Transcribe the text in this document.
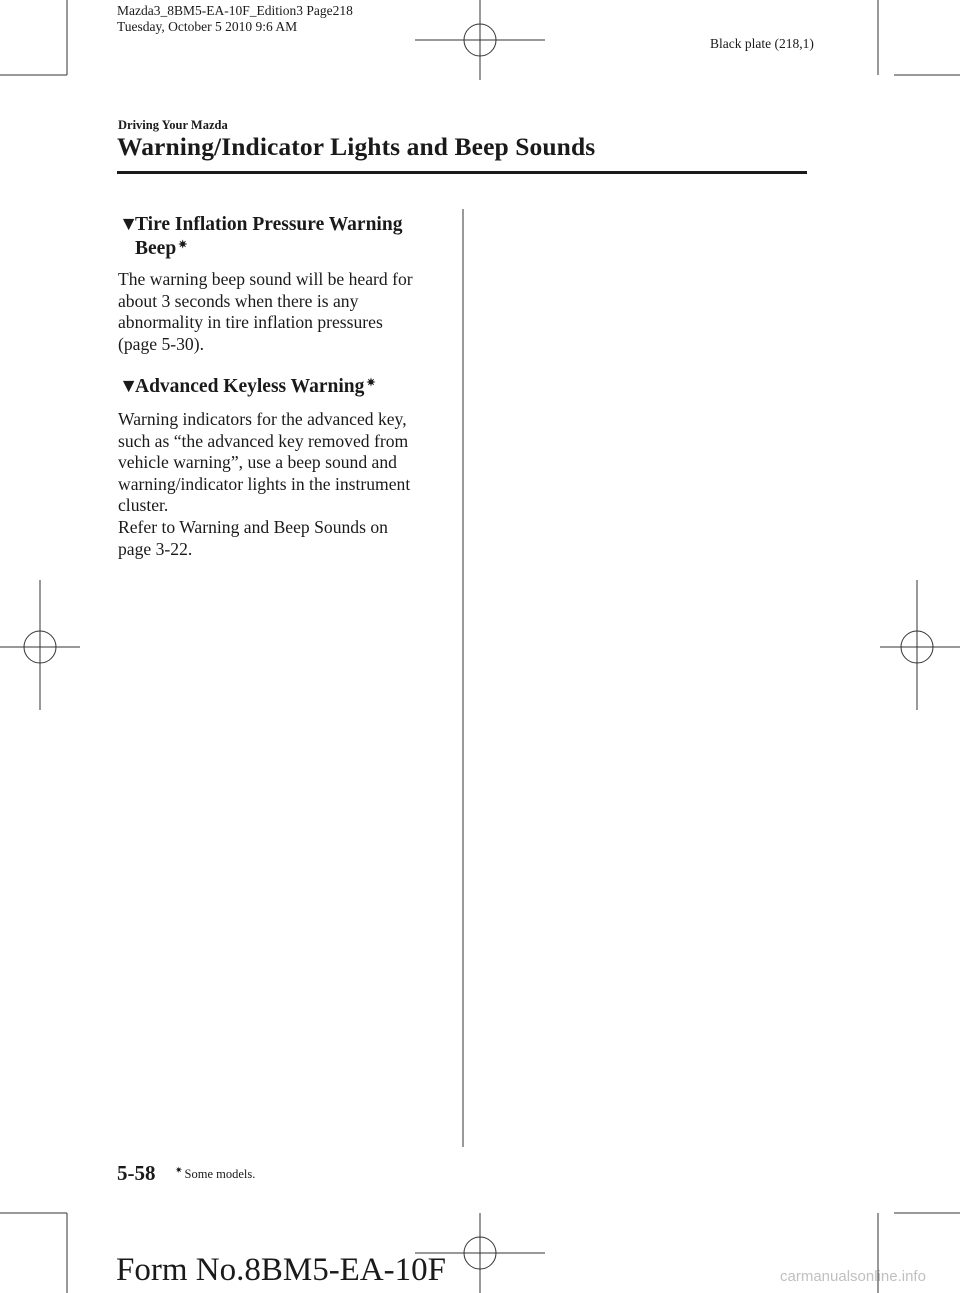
Mazda3_8BM5-EA-10F_Edition3 Page218
Tuesday, October 5 2010 9:6 AM
Black plate (218,1)
Driving Your Mazda
Warning/Indicator Lights and Beep Sounds
▼Tire Inflation Pressure Warning
Beep ✷

The warning beep sound will be heard for

about 3 seconds when there is any

abnormality in tire inflation pressures

(page 5-30).

▼Advanced Keyless Warning ✷

Warning indicators for the advanced key,

such as “the advanced key removed from

vehicle warning”, use a beep sound and

warning/indicator lights in the instrument

cluster.

Refer to Warning and Beep Sounds on

page 3-22.

5-58 ✷ Some models.
Form No.8BM5-EA-10F	carmanualsonline.info
